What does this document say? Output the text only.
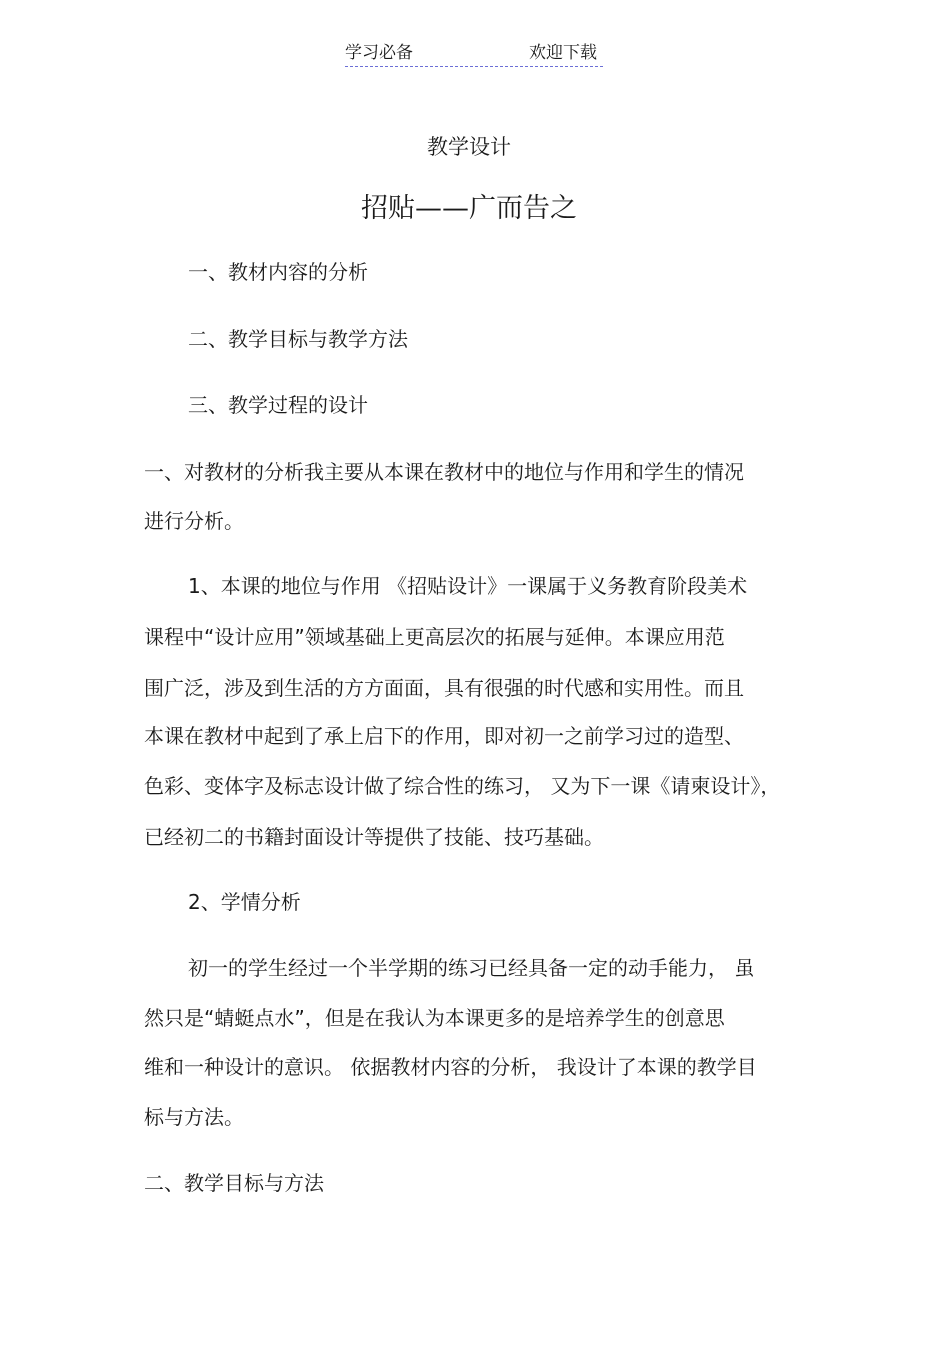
学习必备	欢迎下载
教学设计
招贴——广而告之
一、教材内容的分析
二、教学目标与教学方法
三、教学过程的设计
一、对教材的分析我主要从本课在教材中的地位与作用和学生的情况
进行分析。
1、本课的地位与作用 《招贴设计》一课属于义务教育阶段美术
课程中“设计应用”领域基础上更高层次的拓展与延伸。本课应用范
围广泛，涉及到生活的方方面面，具有很强的时代感和实用性。而且
本课在教材中起到了承上启下的作用，即对初一之前学习过的造型、
色彩、变体字及标志设计做了综合性的练习， 又为下一课《请柬设计》，
已经初二的书籍封面设计等提供了技能、技巧基础。
2、学情分析
初一的学生经过一个半学期的练习已经具备一定的动手能力， 虽
然只是“蜻蜓点水”，但是在我认为本课更多的是培养学生的创意思
维和一种设计的意识。 依据教材内容的分析， 我设计了本课的教学目
标与方法。
二、教学目标与方法
